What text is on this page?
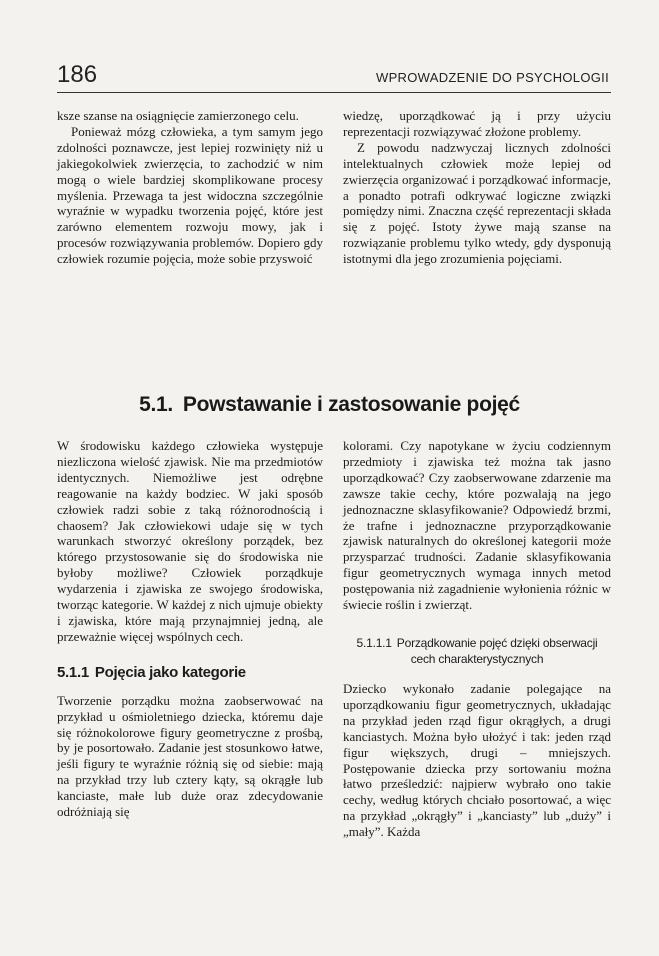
186	WPROWADZENIE DO PSYCHOLOGII

ksze szanse na osiągnięcie zamierzonego celu.

Ponieważ mózg człowieka, a tym samym jego zdolności poznawcze, jest lepiej rozwinięty niż u jakiegokolwiek zwierzęcia, to zachodzić w nim mogą o wiele bardziej skomplikowane procesy myślenia. Przewaga ta jest widoczna szczególnie wyraźnie w wypadku tworzenia pojęć, które jest zarówno elementem rozwoju mowy, jak i procesów rozwiązywania problemów. Dopiero gdy człowiek rozumie pojęcia, może sobie przyswoić

wiedzę, uporządkować ją i przy użyciu reprezentacji rozwiązywać złożone problemy.

Z powodu nadzwyczaj licznych zdolności intelektualnych człowiek może lepiej od zwierzęcia organizować i porządkować informacje, a ponadto potrafi odkrywać logiczne związki pomiędzy nimi. Znaczna część reprezentacji składa się z pojęć. Istoty żywe mają szanse na rozwiązanie problemu tylko wtedy, gdy dysponują istotnymi dla jego zrozumienia pojęciami.

5.1. Powstawanie i zastosowanie pojęć

W środowisku każdego człowieka występuje niezliczona wielość zjawisk. Nie ma przedmiotów identycznych. Niemożliwe jest odrębne reagowanie na każdy bodziec. W jaki sposób człowiek radzi sobie z taką różnorodnością i chaosem? Jak człowiekowi udaje się w tych warunkach stworzyć określony porządek, bez którego przystosowanie się do środowiska nie byłoby możliwe? Człowiek porządkuje wydarzenia i zjawiska ze swojego środowiska, tworząc kategorie. W każdej z nich ujmuje obiekty i zjawiska, które mają przynajmniej jedną, ale przeważnie więcej wspólnych cech.

5.1.1 Pojęcia jako kategorie

Tworzenie porządku można zaobserwować na przykład u ośmioletniego dziecka, któremu daje się różnokolorowe figury geometryczne z prośbą, by je posortowało. Zadanie jest stosunkowo łatwe, jeśli figury te wyraźnie różnią się od siebie: mają na przykład trzy lub cztery kąty, są okrągłe lub kanciaste, małe lub duże oraz zdecydowanie odróżniają się

kolorami. Czy napotykane w życiu codziennym przedmioty i zjawiska też można tak jasno uporządkować? Czy zaobserwowane zdarzenie ma zawsze takie cechy, które pozwalają na jego jednoznaczne sklasyfikowanie? Odpowiedź brzmi, że trafne i jednoznaczne przyporządkowanie zjawisk naturalnych do określonej kategorii może przysparzać trudności. Zadanie sklasyfikowania figur geometrycznych wymaga innych metod postępowania niż zagadnienie wyłonienia różnic w świecie roślin i zwierząt.

5.1.1.1 Porządkowanie pojęć dzięki obserwacji cech charakterystycznych

Dziecko wykonało zadanie polegające na uporządkowaniu figur geometrycznych, układając na przykład jeden rząd figur okrągłych, a drugi kanciastych. Można było ułożyć i tak: jeden rząd figur większych, drugi – mniejszych. Postępowanie dziecka przy sortowaniu można łatwo prześledzić: najpierw wybrało ono takie cechy, według których chciało posortować, a więc na przykład „okrągły” i „kanciasty” lub „duży” i „mały”. Każda
